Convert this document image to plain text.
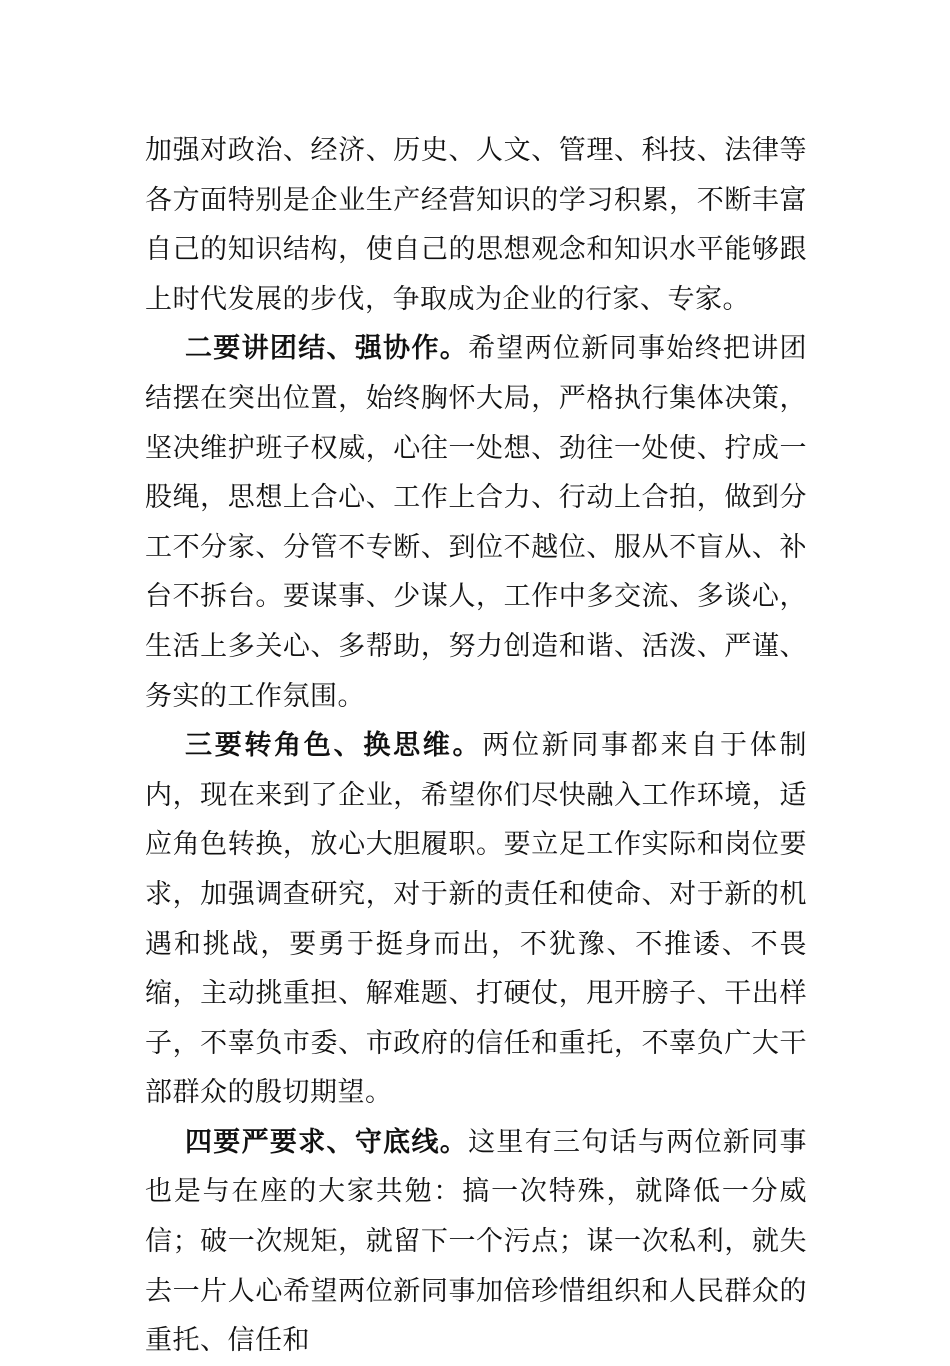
加强对政治、经济、历史、人文、管理、科技、法律等各方面特别是企业生产经营知识的学习积累，不断丰富自己的知识结构，使自己的思想观念和知识水平能够跟上时代发展的步伐，争取成为企业的行家、专家。

二要讲团结、强协作。希望两位新同事始终把讲团结摆在突出位置，始终胸怀大局，严格执行集体决策，坚决维护班子权威，心往一处想、劲往一处使、拧成一股绳，思想上合心、工作上合力、行动上合拍，做到分工不分家、分管不专断、到位不越位、服从不盲从、补台不拆台。要谋事、少谋人，工作中多交流、多谈心，生活上多关心、多帮助，努力创造和谐、活泼、严谨、务实的工作氛围。

三要转角色、换思维。两位新同事都来自于体制内，现在来到了企业，希望你们尽快融入工作环境，适应角色转换，放心大胆履职。要立足工作实际和岗位要求，加强调查研究，对于新的责任和使命、对于新的机遇和挑战，要勇于挺身而出，不犹豫、不推诿、不畏缩，主动挑重担、解难题、打硬仗，甩开膀子、干出样子，不辜负市委、市政府的信任和重托，不辜负广大干部群众的殷切期望。

四要严要求、守底线。这里有三句话与两位新同事也是与在座的大家共勉：搞一次特殊，就降低一分威信；破一次规矩，就留下一个污点；谋一次私利，就失去一片人心希望两位新同事加倍珍惜组织和人民群众的重托、信任和
